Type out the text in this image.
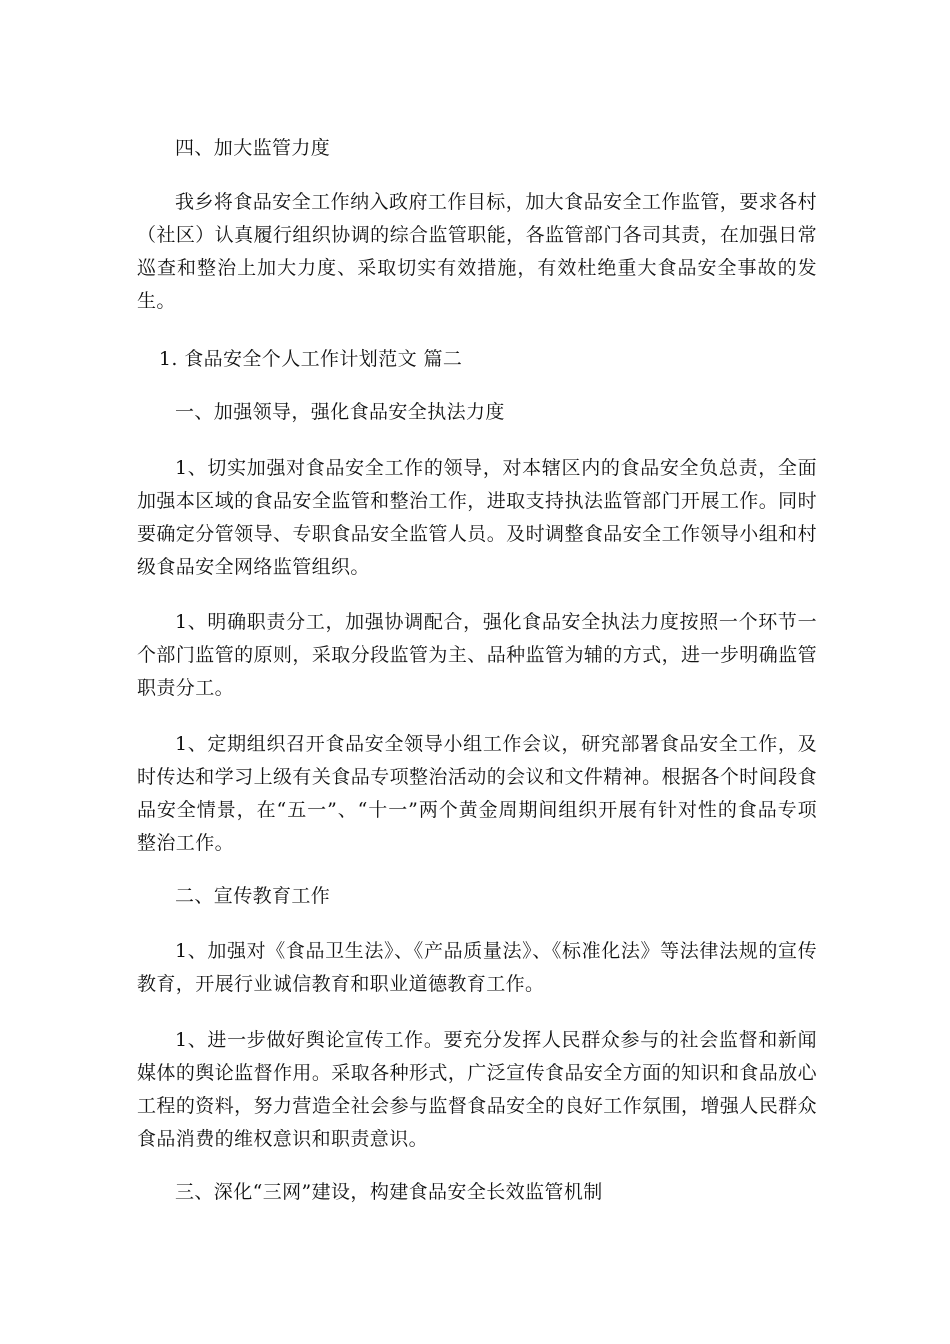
四、加大监管力度

我乡将食品安全工作纳入政府工作目标，加大食品安全工作监管，要求各村（社区）认真履行组织协调的综合监管职能，各监管部门各司其责，在加强日常巡查和整治上加大力度、采取切实有效措施，有效杜绝重大食品安全事故的发生。

1. 食品安全个人工作计划范文 篇二

一、加强领导，强化食品安全执法力度

1、切实加强对食品安全工作的领导，对本辖区内的食品安全负总责，全面加强本区域的食品安全监管和整治工作，进取支持执法监管部门开展工作。同时要确定分管领导、专职食品安全监管人员。及时调整食品安全工作领导小组和村级食品安全网络监管组织。

1、明确职责分工，加强协调配合，强化食品安全执法力度按照一个环节一个部门监管的原则，采取分段监管为主、品种监管为辅的方式，进一步明确监管职责分工。

1、定期组织召开食品安全领导小组工作会议，研究部署食品安全工作，及时传达和学习上级有关食品专项整治活动的会议和文件精神。根据各个时间段食品安全情景，在“五一”、“十一”两个黄金周期间组织开展有针对性的食品专项整治工作。

二、宣传教育工作

1、加强对《食品卫生法》、《产品质量法》、《标准化法》等法律法规的宣传教育，开展行业诚信教育和职业道德教育工作。

1、进一步做好舆论宣传工作。要充分发挥人民群众参与的社会监督和新闻媒体的舆论监督作用。采取各种形式，广泛宣传食品安全方面的知识和食品放心工程的资料，努力营造全社会参与监督食品安全的良好工作氛围，增强人民群众食品消费的维权意识和职责意识。

三、深化“三网”建设，构建食品安全长效监管机制
